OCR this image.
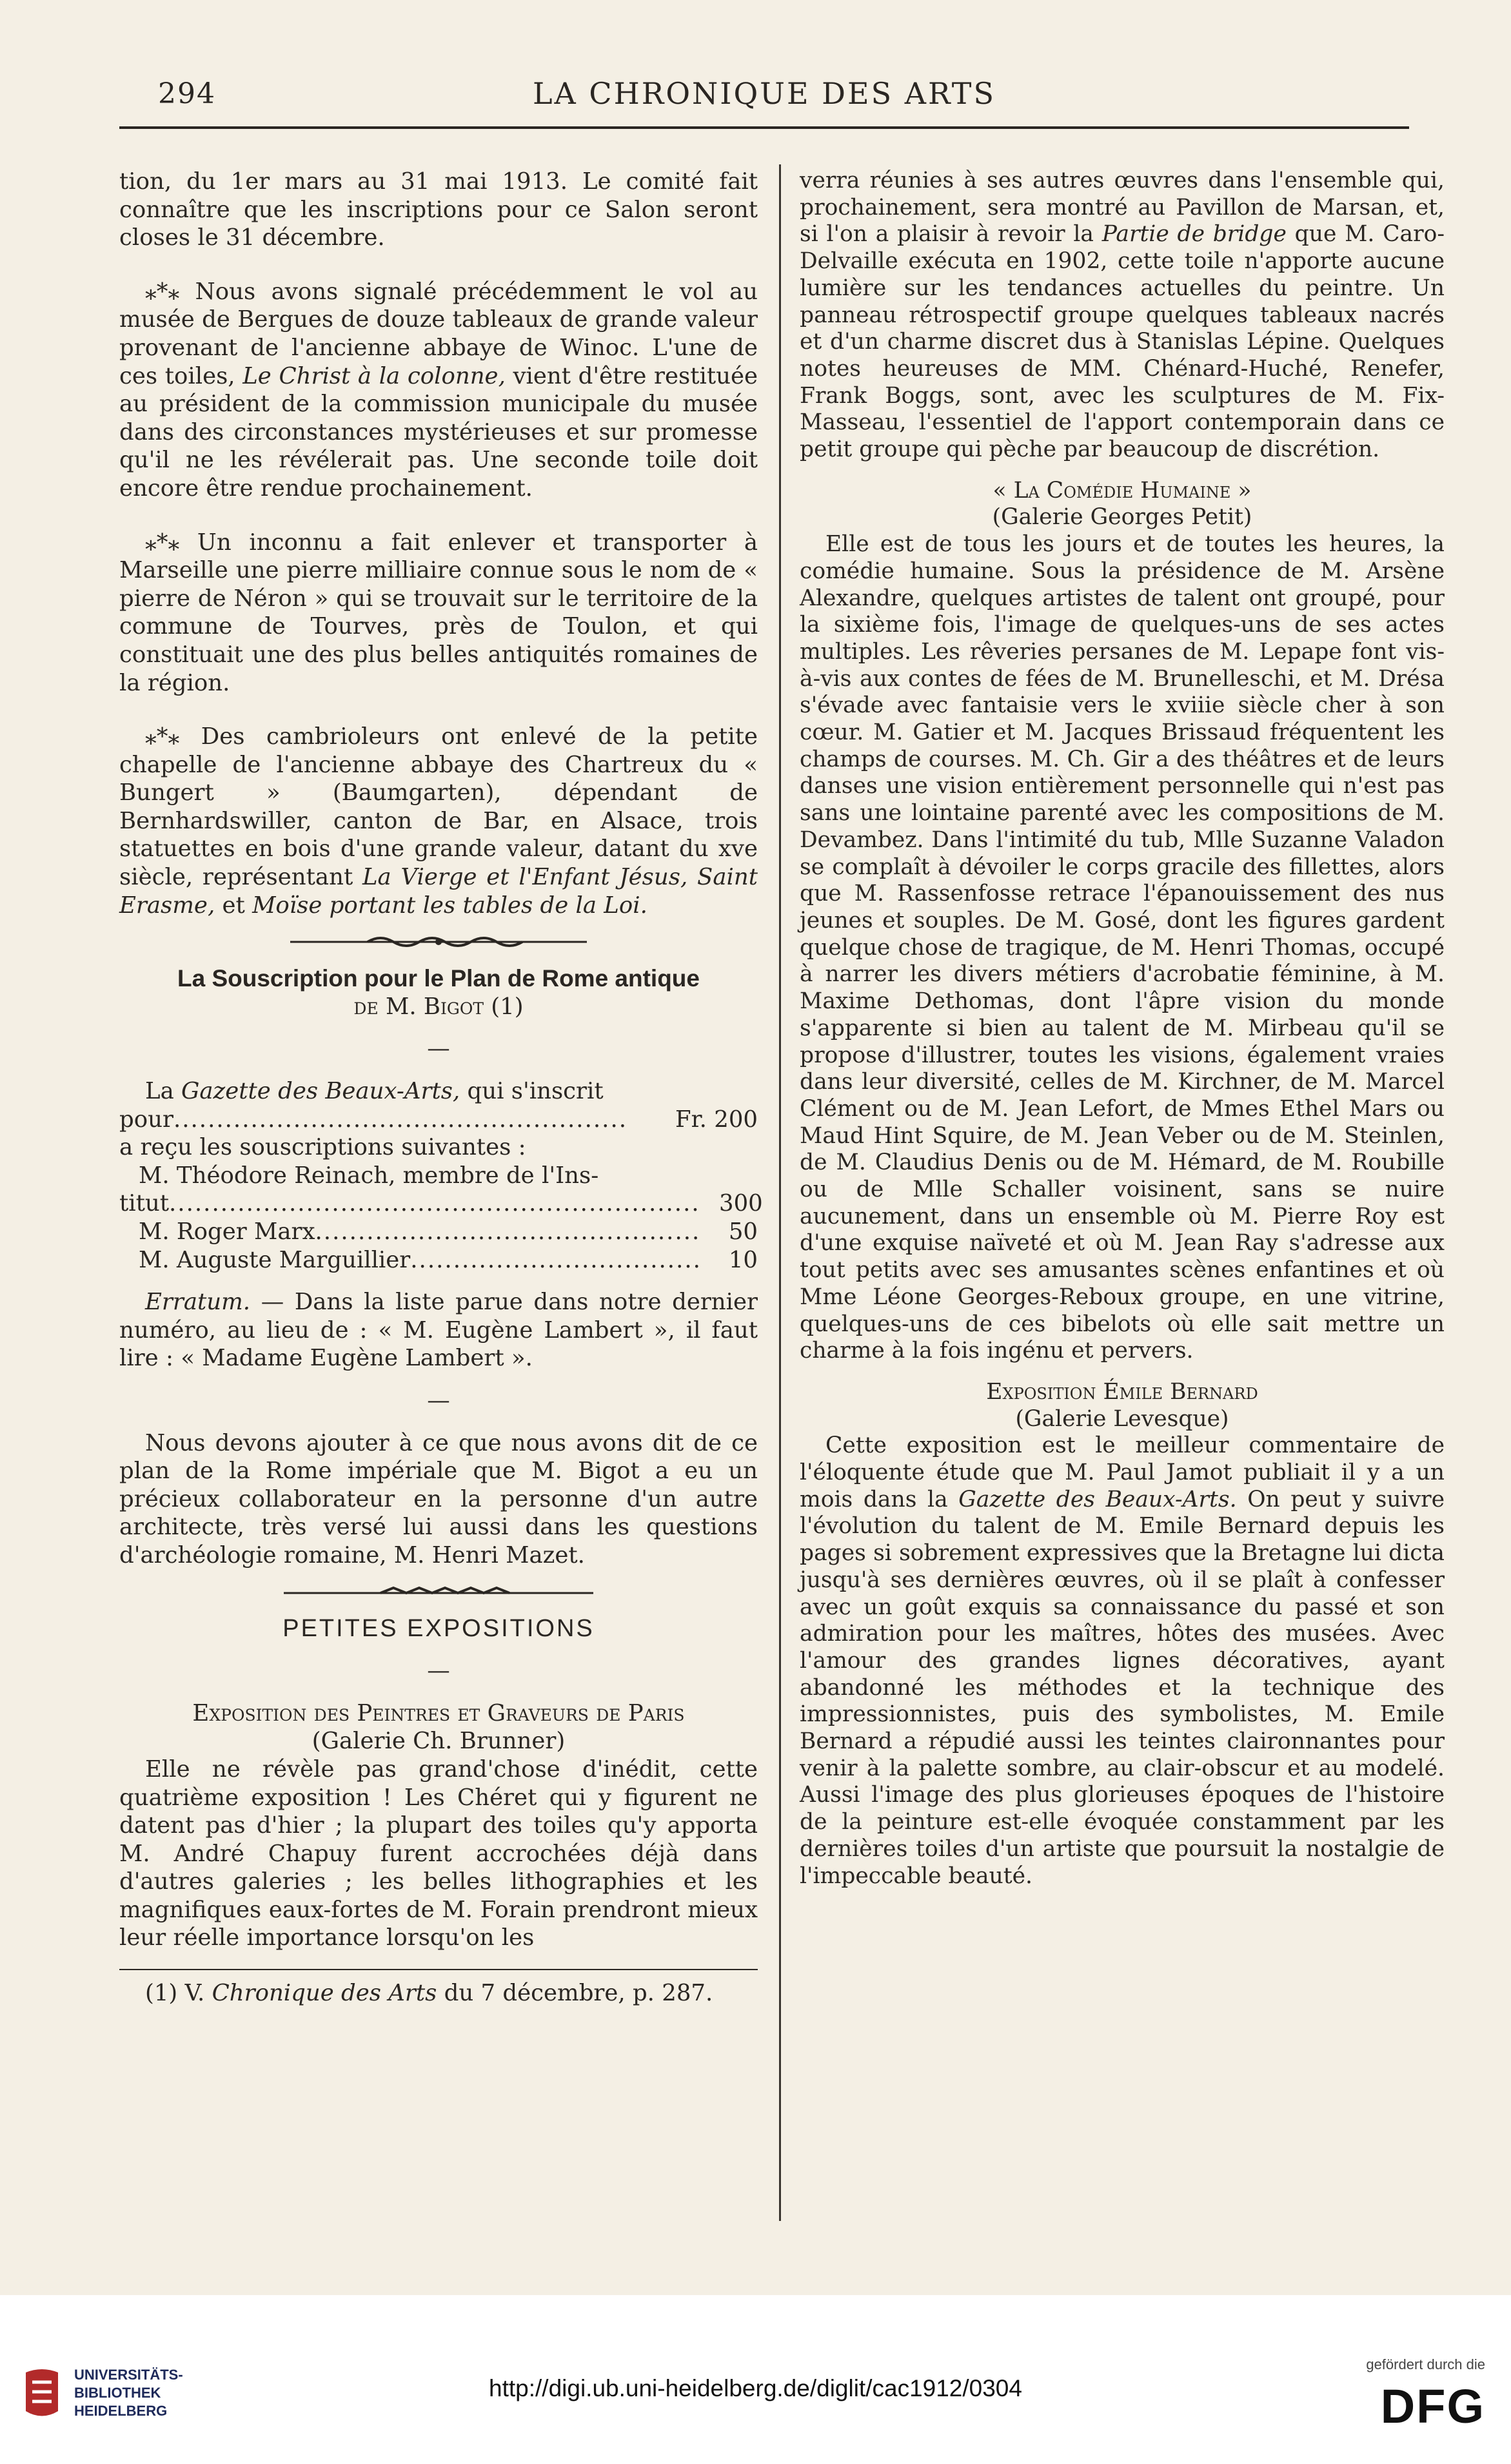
294	LA CHRONIQUE DES ARTS

tion, du 1er mars au 31 mai 1913. Le comité fait connaître que les inscriptions pour ce Salon seront closes le 31 décembre.

⁎*⁎ Nous avons signalé précédemment le vol au musée de Bergues de douze tableaux de grande valeur provenant de l'ancienne abbaye de Winoc. L'une de ces toiles, Le Christ à la colonne, vient d'être restituée au président de la commission municipale du musée dans des circonstances mystérieuses et sur promesse qu'il ne les révélerait pas. Une seconde toile doit encore être rendue prochainement.

⁎*⁎ Un inconnu a fait enlever et transporter à Marseille une pierre milliaire connue sous le nom de « pierre de Néron » qui se trouvait sur le territoire de la commune de Tourves, près de Toulon, et qui constituait une des plus belles antiquités romaines de la région.

⁎*⁎ Des cambrioleurs ont enlevé de la petite chapelle de l'ancienne abbaye des Chartreux du « Bungert » (Baumgarten), dépendant de Bernhardswiller, canton de Bar, en Alsace, trois statuettes en bois d'une grande valeur, datant du xve siècle, représentant La Vierge et l'Enfant Jésus, Saint Erasme, et Moïse portant les tables de la Loi.

La Souscription pour le Plan de Rome antique

de M. Bigot (1)

—

La Gazette des Beaux-Arts, qui s'inscrit

pour .....	Fr. 200

a reçu les souscriptions suivantes :

M. Théodore Reinach, membre de l'Ins-

titut .....	300
M. Roger Marx .....	50
M. Auguste Marguillier .....	10

Erratum. — Dans la liste parue dans notre dernier numéro, au lieu de : « M. Eugène Lambert », il faut lire : « Madame Eugène Lambert ».

—

Nous devons ajouter à ce que nous avons dit de ce plan de la Rome impériale que M. Bigot a eu un précieux collaborateur en la personne d'un autre architecte, très versé lui aussi dans les questions d'archéologie romaine, M. Henri Mazet.

PETITES EXPOSITIONS

—

Exposition des Peintres et Graveurs de Paris

(Galerie Ch. Brunner)

Elle ne révèle pas grand'chose d'inédit, cette quatrième exposition ! Les Chéret qui y figurent ne datent pas d'hier ; la plupart des toiles qu'y apporta M. André Chapuy furent accrochées déjà dans d'autres galeries ; les belles lithographies et les magnifiques eaux-fortes de M. Forain prendront mieux leur réelle importance lorsqu'on les

(1) V. Chronique des Arts du 7 décembre, p. 287.

verra réunies à ses autres œuvres dans l'ensemble qui, prochainement, sera montré au Pavillon de Marsan, et, si l'on a plaisir à revoir la Partie de bridge que M. Caro-Delvaille exécuta en 1902, cette toile n'apporte aucune lumière sur les tendances actuelles du peintre. Un panneau rétrospectif groupe quelques tableaux nacrés et d'un charme discret dus à Stanislas Lépine. Quelques notes heureuses de MM. Chénard-Huché, Renefer, Frank Boggs, sont, avec les sculptures de M. Fix-Masseau, l'essentiel de l'apport contemporain dans ce petit groupe qui pèche par beaucoup de discrétion.

« La Comédie Humaine »

(Galerie Georges Petit)

Elle est de tous les jours et de toutes les heures, la comédie humaine. Sous la présidence de M. Arsène Alexandre, quelques artistes de talent ont groupé, pour la sixième fois, l'image de quelques-uns de ses actes multiples. Les rêveries persanes de M. Lepape font vis-à-vis aux contes de fées de M. Brunelleschi, et M. Drésa s'évade avec fantaisie vers le xviiie siècle cher à son cœur. M. Gatier et M. Jacques Brissaud fréquentent les champs de courses. M. Ch. Gir a des théâtres et de leurs danses une vision entièrement personnelle qui n'est pas sans une lointaine parenté avec les compositions de M. Devambez. Dans l'intimité du tub, Mlle Suzanne Valadon se complaît à dévoiler le corps gracile des fillettes, alors que M. Rassenfosse retrace l'épanouissement des nus jeunes et souples. De M. Gosé, dont les figures gardent quelque chose de tragique, de M. Henri Thomas, occupé à narrer les divers métiers d'acrobatie féminine, à M. Maxime Dethomas, dont l'âpre vision du monde s'apparente si bien au talent de M. Mirbeau qu'il se propose d'illustrer, toutes les visions, également vraies dans leur diversité, celles de M. Kirchner, de M. Marcel Clément ou de M. Jean Lefort, de Mmes Ethel Mars ou Maud Hint Squire, de M. Jean Veber ou de M. Steinlen, de M. Claudius Denis ou de M. Hémard, de M. Roubille ou de Mlle Schaller voisinent, sans se nuire aucunement, dans un ensemble où M. Pierre Roy est d'une exquise naïveté et où M. Jean Ray s'adresse aux tout petits avec ses amusantes scènes enfantines et où Mme Léone Georges-Reboux groupe, en une vitrine, quelques-uns de ces bibelots où elle sait mettre un charme à la fois ingénu et pervers.

Exposition Émile Bernard

(Galerie Levesque)

Cette exposition est le meilleur commentaire de l'éloquente étude que M. Paul Jamot publiait il y a un mois dans la Gazette des Beaux-Arts. On peut y suivre l'évolution du talent de M. Emile Bernard depuis les pages si sobrement expressives que la Bretagne lui dicta jusqu'à ses dernières œuvres, où il se plaît à confesser avec un goût exquis sa connaissance du passé et son admiration pour les maîtres, hôtes des musées. Avec l'amour des grandes lignes décoratives, ayant abandonné les méthodes et la technique des impressionnistes, puis des symbolistes, M. Emile Bernard a répudié aussi les teintes claironnantes pour venir à la palette sombre, au clair-obscur et au modelé. Aussi l'image des plus glorieuses époques de l'histoire de la peinture est-elle évoquée constamment par les dernières toiles d'un artiste que poursuit la nostalgie de l'impeccable beauté.

UNIVERSITÄTS-
BIBLIOTHEK
HEIDELBERG
http://digi.ub.uni-heidelberg.de/diglit/cac1912/0304
gefördert durch die
DFG
